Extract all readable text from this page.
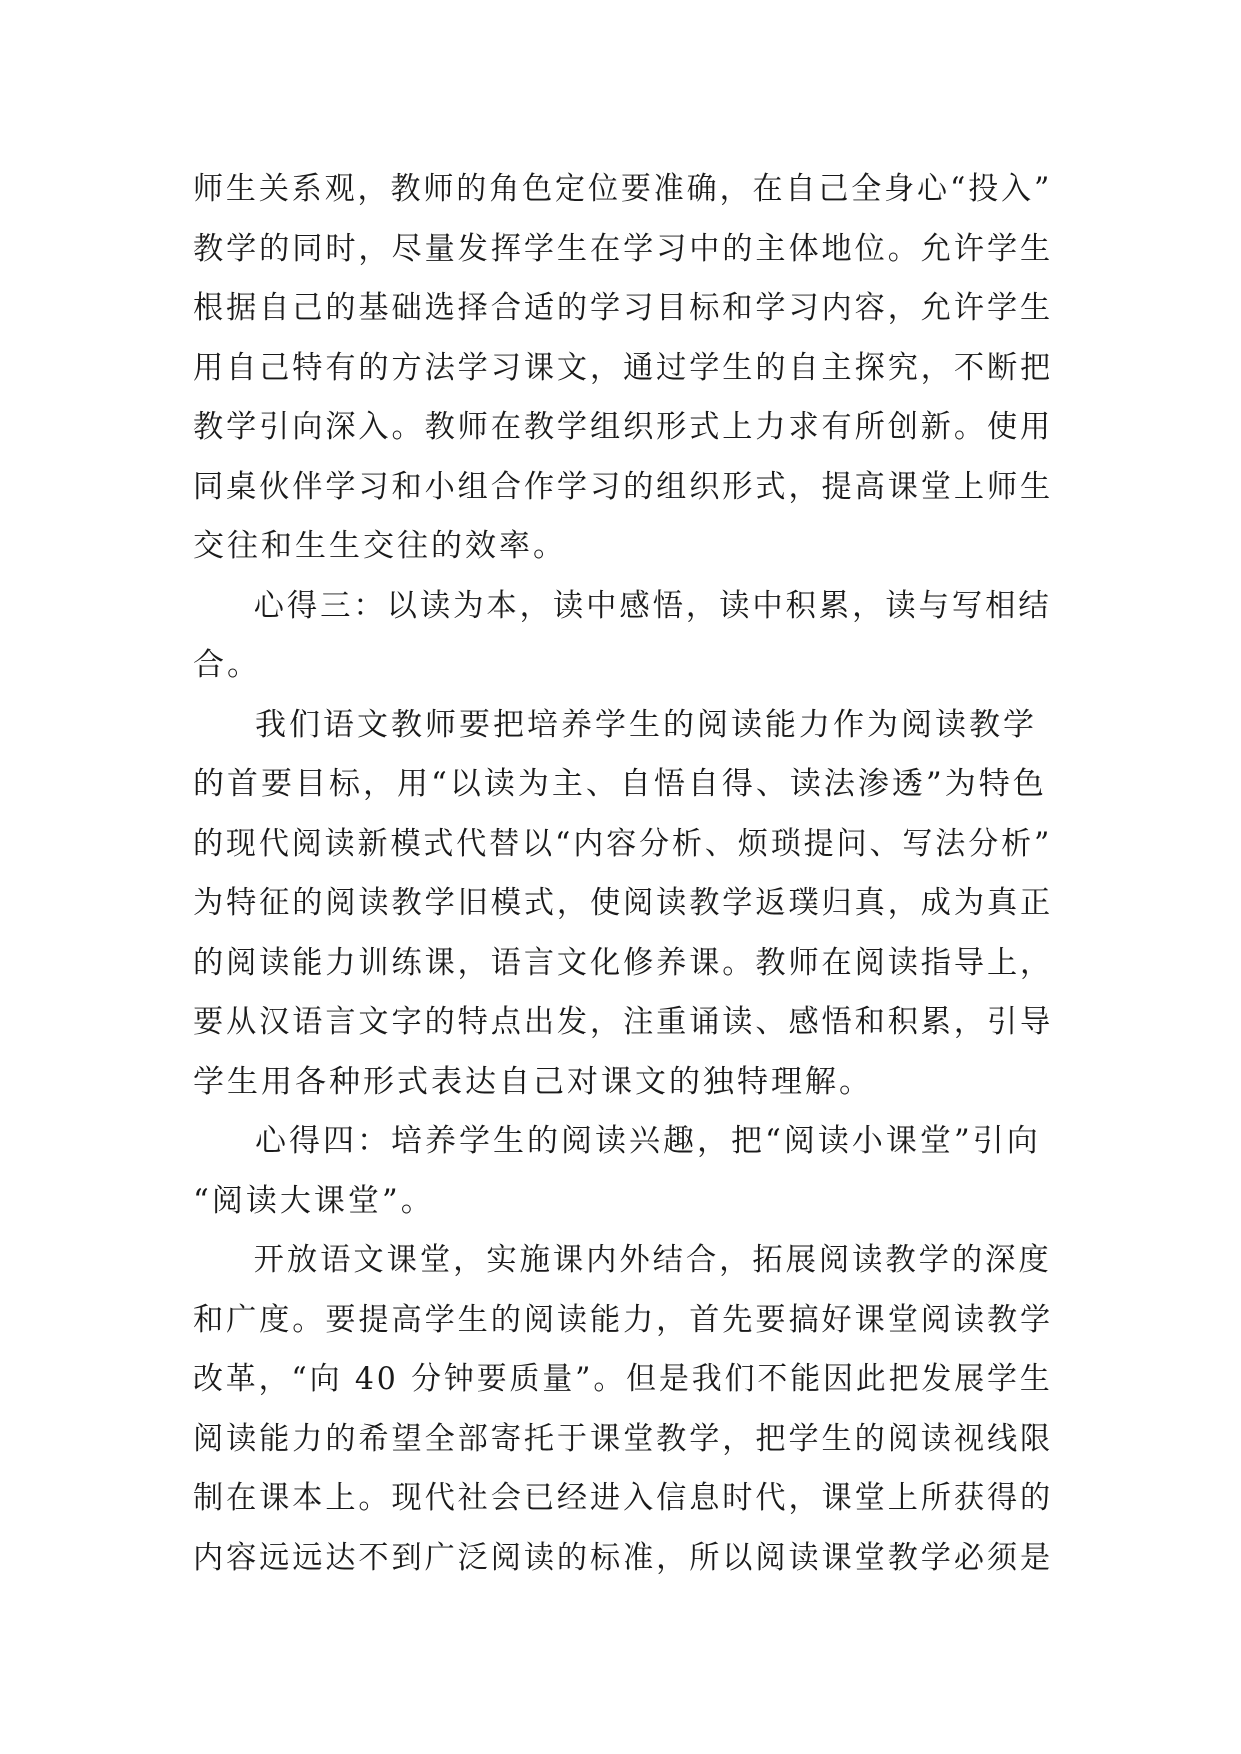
师生关系观，教师的角色定位要准确，在自己全身心“投入”
教学的同时，尽量发挥学生在学习中的主体地位。允许学生
根据自己的基础选择合适的学习目标和学习内容，允许学生
用自己特有的方法学习课文，通过学生的自主探究，不断把
教学引向深入。教师在教学组织形式上力求有所创新。使用
同桌伙伴学习和小组合作学习的组织形式，提高课堂上师生
交往和生生交往的效率。
心得三：以读为本，读中感悟，读中积累，读与写相结
合。
我们语文教师要把培养学生的阅读能力作为阅读教学
的首要目标，用“以读为主、自悟自得、读法渗透”为特色
的现代阅读新模式代替以“内容分析、烦琐提问、写法分析”
为特征的阅读教学旧模式，使阅读教学返璞归真，成为真正
的阅读能力训练课，语言文化修养课。教师在阅读指导上，
要从汉语言文字的特点出发，注重诵读、感悟和积累，引导
学生用各种形式表达自己对课文的独特理解。
心得四：培养学生的阅读兴趣，把“阅读小课堂”引向
“阅读大课堂”。
开放语文课堂，实施课内外结合，拓展阅读教学的深度
和广度。要提高学生的阅读能力，首先要搞好课堂阅读教学
改革，“向 40 分钟要质量”。但是我们不能因此把发展学生
阅读能力的希望全部寄托于课堂教学，把学生的阅读视线限
制在课本上。现代社会已经进入信息时代，课堂上所获得的
内容远远达不到广泛阅读的标准，所以阅读课堂教学必须是
